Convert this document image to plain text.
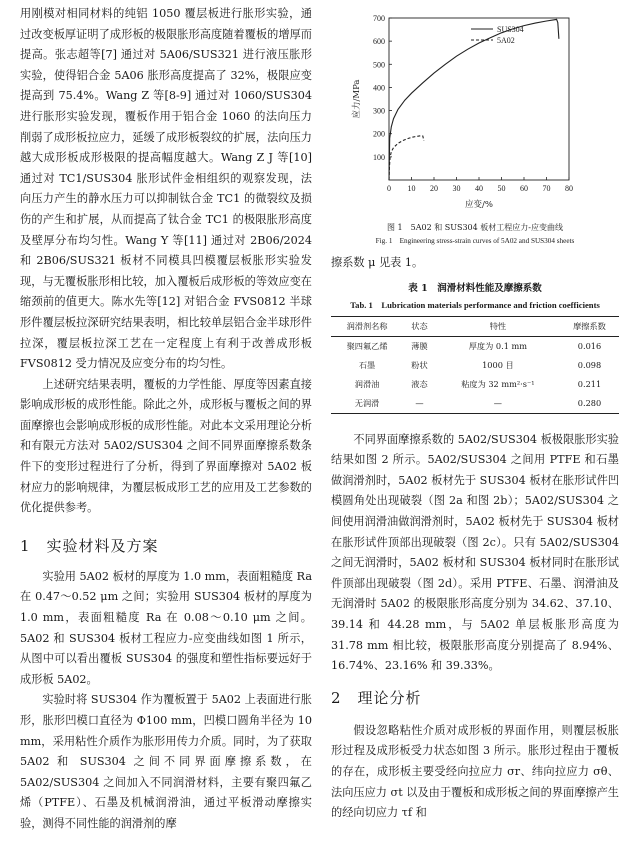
用刚模对相同材料的纯铝 1050 覆层板进行胀形实验，通过改变板厚证明了成形板的极限胀形高度随着覆板的增厚而提高。张志超等[7] 通过对 5A06/SUS321 进行液压胀形实验，使得铝合金 5A06 胀形高度提高了 32%，极限应变提高到 75.4%。Wang Z 等[8-9] 通过对 1060/SUS304 进行胀形实验发现，覆板作用于铝合金 1060 的法向压力削弱了成形板拉应力，延缓了成形板裂纹的扩展，法向压力越大成形板成形极限的提高幅度越大。Wang Z J 等[10] 通过对 TC1/SUS304 胀形试件金相组织的观察发现，法向压力产生的静水压力可以抑制钛合金 TC1 的微裂纹及损伤的产生和扩展，从而提高了钛合金 TC1 的极限胀形高度及壁厚分布均匀性。Wang Y 等[11] 通过对 2B06/2024 和 2B06/SUS321 板材不同模具凹模覆层板胀形实验发现，与无覆板胀形相比较，加入覆板后成形板的等效应变在缩颈前的值更大。陈水先等[12] 对铝合金 FVS0812 半球形件覆层板拉深研究结果表明，相比较单层铝合金半球形件拉深，覆层板拉深工艺在一定程度上有利于改善成形板 FVS0812 受力情况及应变分布的均匀性。

上述研究结果表明，覆板的力学性能、厚度等因素直接影响成形板的成形性能。除此之外，成形板与覆板之间的界面摩擦也会影响成形板的成形性能。对此本文采用理论分析和有限元方法对 5A02/SUS304 之间不同界面摩擦系数条件下的变形过程进行了分析，得到了界面摩擦对 5A02 板材应力的影响规律，为覆层板成形工艺的应用及工艺参数的优化提供参考。

1　实验材料及方案

实验用 5A02 板材的厚度为 1.0 mm，表面粗糙度 Ra 在 0.47～0.52 μm 之间；实验用 SUS304 板材的厚度为 1.0 mm，表面粗糙度 Ra 在 0.08～0.10 μm 之间。5A02 和 SUS304 板材工程应力-应变曲线如图 1 所示，从图中可以看出覆板 SUS304 的强度和塑性指标要远好于成形板 5A02。

实验时将 SUS304 作为覆板置于 5A02 上表面进行胀形，胀形凹模口直径为 Φ100 mm，凹模口圆角半径为 10 mm，采用粘性介质作为胀形用传力介质。同时，为了获取 5A02 和 SUS304 之间不同界面摩擦系数，在 5A02/SUS304 之间加入不同润滑材料，主要有聚四氟乙烯（PTFE）、石墨及机械润滑油，通过平板滑动摩擦实验，测得不同性能的润滑剂的摩

0 10 20 30 40 50 60 70 80
100
200
300
400
500
600
700
应变/%
应力/MPa
SUS304
5A02
图 1　5A02 和 SUS304 板材工程应力-应变曲线
Fig. 1　Engineering stress-strain curves of 5A02 and SUS304 sheets

擦系数 μ 见表 1。

表 1　润滑材料性能及摩擦系数
Tab. 1　Lubrication materials performance and friction coefficients
润滑剂名称	状态	特性	摩擦系数
聚四氟乙烯	薄膜	厚度为 0.1 mm	0.016
石墨	粉状	1000 目	0.098
润滑油	液态	粘度为 32 mm²·s⁻¹	0.211
无润滑	—	—	0.280

不同界面摩擦系数的 5A02/SUS304 板极限胀形实验结果如图 2 所示。5A02/SUS304 之间用 PTFE 和石墨做润滑剂时，5A02 板材先于 SUS304 板材在胀形试件凹模圆角处出现破裂（图 2a 和图 2b）；5A02/SUS304 之间使用润滑油做润滑剂时，5A02 板材先于 SUS304 板材在胀形试件顶部出现破裂（图 2c）。只有 5A02/SUS304 之间无润滑时，5A02 板材和 SUS304 板材同时在胀形试件顶部出现破裂（图 2d）。采用 PTFE、石墨、润滑油及无润滑时 5A02 的极限胀形高度分别为 34.62、37.10、39.14 和 44.28 mm，与 5A02 单层板胀形高度为 31.78 mm 相比较，极限胀形高度分别提高了 8.94%、16.74%、23.16% 和 39.33%。

2　理论分析

假设忽略粘性介质对成形板的界面作用，则覆层板胀形过程及成形板受力状态如图 3 所示。胀形过程由于覆板的存在，成形板主要受经向拉应力 σr、纬向拉应力 σθ、法向压应力 σt 以及由于覆板和成形板之间的界面摩擦产生的经向切应力 τf 和
